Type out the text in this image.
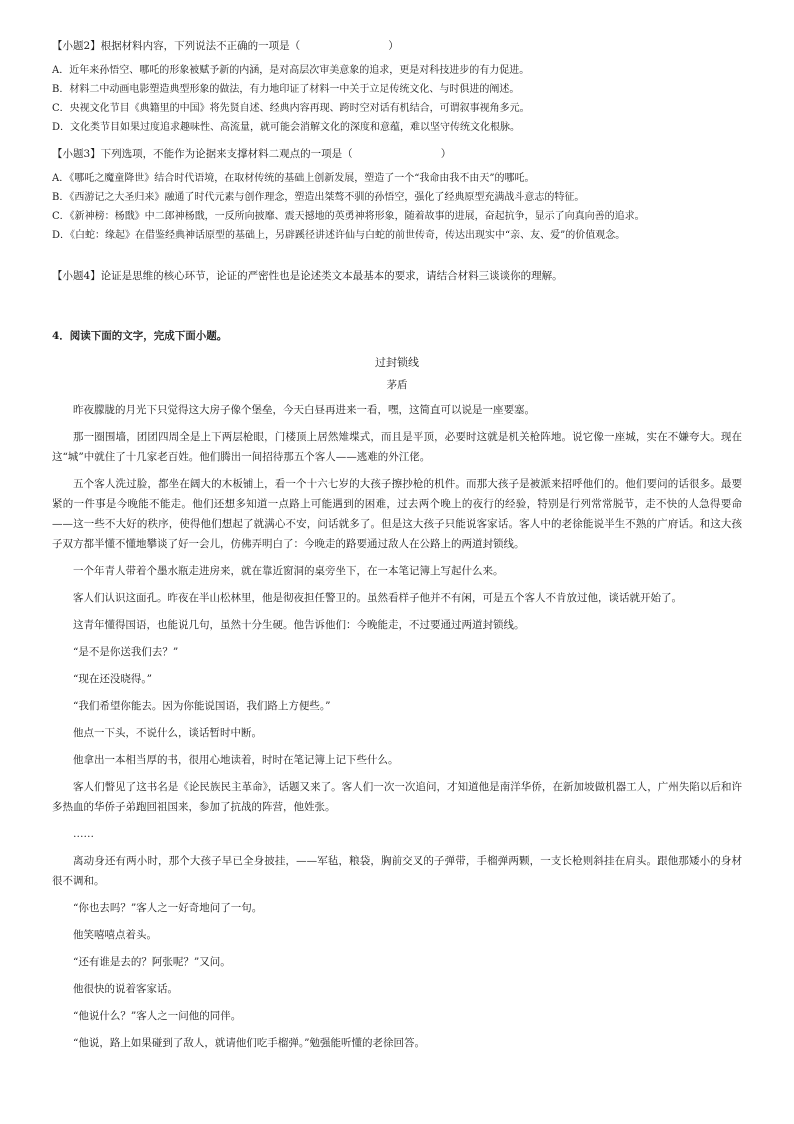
【小题2】根据材料内容，下列说法不正确的一项是（	）

A．近年来孙悟空、哪吒的形象被赋予新的内涵，是对高层次审美意象的追求，更是对科技进步的有力促进。

B．材料二中动画电影塑造典型形象的做法，有力地印证了材料一中关于立足传统文化、与时俱进的阐述。

C．央视文化节目《典籍里的中国》将先贤自述、经典内容再现、跨时空对话有机结合，可谓叙事视角多元。

D．文化类节目如果过度追求趣味性、高流量，就可能会消解文化的深度和意蕴，难以坚守传统文化根脉。

【小题3】下列选项，不能作为论据来支撑材料二观点的一项是（	）

A．《哪吒之魔童降世》结合时代语境，在取材传统的基础上创新发展，塑造了一个“我命由我不由天”的哪吒。

B．《西游记之大圣归来》融通了时代元素与创作理念，塑造出桀骜不驯的孙悟空，强化了经典原型充满战斗意志的特征。

C．《新神榜：杨戬》中二郎神杨戬，一反所向披靡、震天撼地的英勇神将形象，随着故事的进展，奋起抗争，显示了向真向善的追求。

D．《白蛇：缘起》在借鉴经典神话原型的基础上，另辟蹊径讲述许仙与白蛇的前世传奇，传达出现实中“亲、友、爱”的价值观念。

【小题4】论证是思维的核心环节，论证的严密性也是论述类文本最基本的要求，请结合材料三谈谈你的理解。

4．阅读下面的文字，完成下面小题。

过封锁线

茅盾

昨夜朦胧的月光下只觉得这大房子像个堡垒，今天白昼再进来一看，嘿，这简直可以说是一座要塞。

那一圈围墙，团团四周全是上下两层枪眼，门楼顶上居然雉堞式，而且是平顶，必要时这就是机关枪阵地。说它像一座城，实在不嫌夸大。现在这“城”中就住了十几家老百姓。他们腾出一间招待那五个客人——逃难的外江佬。

五个客人洗过脸，都坐在阔大的木板铺上，看一个十六七岁的大孩子擦抄枪的机件。而那大孩子是被派来招呼他们的。他们要问的话很多。最要紧的一件事是今晚能不能走。他们还想多知道一点路上可能遇到的困难，过去两个晚上的夜行的经验，特别是行列常常脱节，走不快的人急得要命——这一些不大好的秩序，使得他们想起了就满心不安，问话就多了。但是这大孩子只能说客家话。客人中的老徐能说半生不熟的广府话。和这大孩子双方都半懂不懂地攀谈了好一会儿，仿佛弄明白了：今晚走的路要通过敌人在公路上的两道封锁线。

一个年青人带着个墨水瓶走进房来，就在靠近窗洞的桌旁坐下，在一本笔记簿上写起什么来。

客人们认识这面孔。昨夜在半山松林里，他是彻夜担任警卫的。虽然看样子他并不有闲，可是五个客人不肯放过他，谈话就开始了。

这青年懂得国语，也能说几句，虽然十分生硬。他告诉他们：今晚能走，不过要通过两道封锁线。

“是不是你送我们去？”

“现在还没晓得。”

“我们希望你能去。因为你能说国语，我们路上方便些。”

他点一下头，不说什么，谈话暂时中断。

他拿出一本相当厚的书，很用心地读着，时时在笔记簿上记下些什么。

客人们瞥见了这书名是《论民族民主革命》，话题又来了。客人们一次一次追问，才知道他是南洋华侨，在新加坡做机器工人，广州失陷以后和许多热血的华侨子弟跑回祖国来，参加了抗战的阵营，他姓张。

……

离动身还有两小时，那个大孩子早已全身披挂，——军毡，粮袋，胸前交叉的子弹带，手榴弹两颗，一支长枪则斜挂在肩头。跟他那矮小的身材很不调和。

“你也去吗？”客人之一好奇地问了一句。

他笑嘻嘻点着头。

“还有谁是去的？阿张呢？”又问。

他很快的说着客家话。

“他说什么？”客人之一问他的同伴。

“他说，路上如果碰到了敌人，就请他们吃手榴弹。”勉强能听懂的老徐回答。
